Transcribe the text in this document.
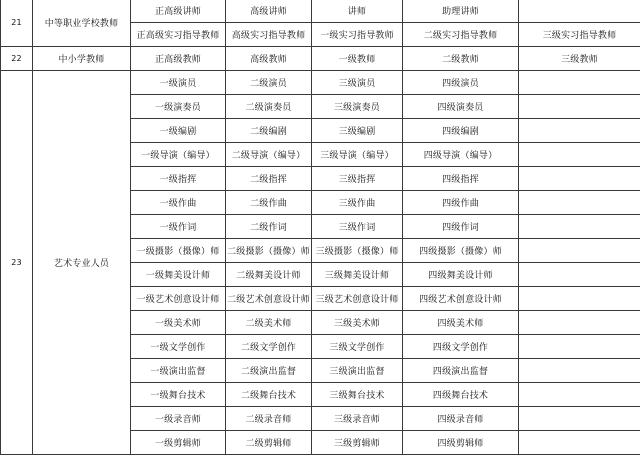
21	中等职业学校教师	正高级讲师	高级讲师	讲师	助理讲师	
		正高级实习指导教师	高级实习指导教师	一级实习指导教师	二级实习指导教师	三级实习指导教师
22	中小学教师	正高级教师	高级教师	一级教师	二级教师	三级教师
23	艺术专业人员	一级演员	二级演员	三级演员	四级演员	
		一级演奏员	二级演奏员	三级演奏员	四级演奏员	
		一级编剧	二级编剧	三级编剧	四级编剧	
		一级导演（编导）	二级导演（编导）	三级导演（编导）	四级导演（编导）	
		一级指挥	二级指挥	三级指挥	四级指挥	
		一级作曲	二级作曲	三级作曲	四级作曲	
		一级作词	二级作词	三级作词	四级作词	
		一级摄影（摄像）师	二级摄影（摄像）师	三级摄影（摄像）师	四级摄影（摄像）师	
		一级舞美设计师	二级舞美设计师	三级舞美设计师	四级舞美设计师	
		一级艺术创意设计师	二级艺术创意设计师	三级艺术创意设计师	四级艺术创意设计师	
		一级美术师	二级美术师	三级美术师	四级美术师	
		一级文学创作	二级文学创作	三级文学创作	四级文学创作	
		一级演出监督	二级演出监督	三级演出监督	四级演出监督	
		一级舞台技术	二级舞台技术	三级舞台技术	四级舞台技术	
		一级录音师	二级录音师	三级录音师	四级录音师	
		一级剪辑师	二级剪辑师	三级剪辑师	四级剪辑师	
